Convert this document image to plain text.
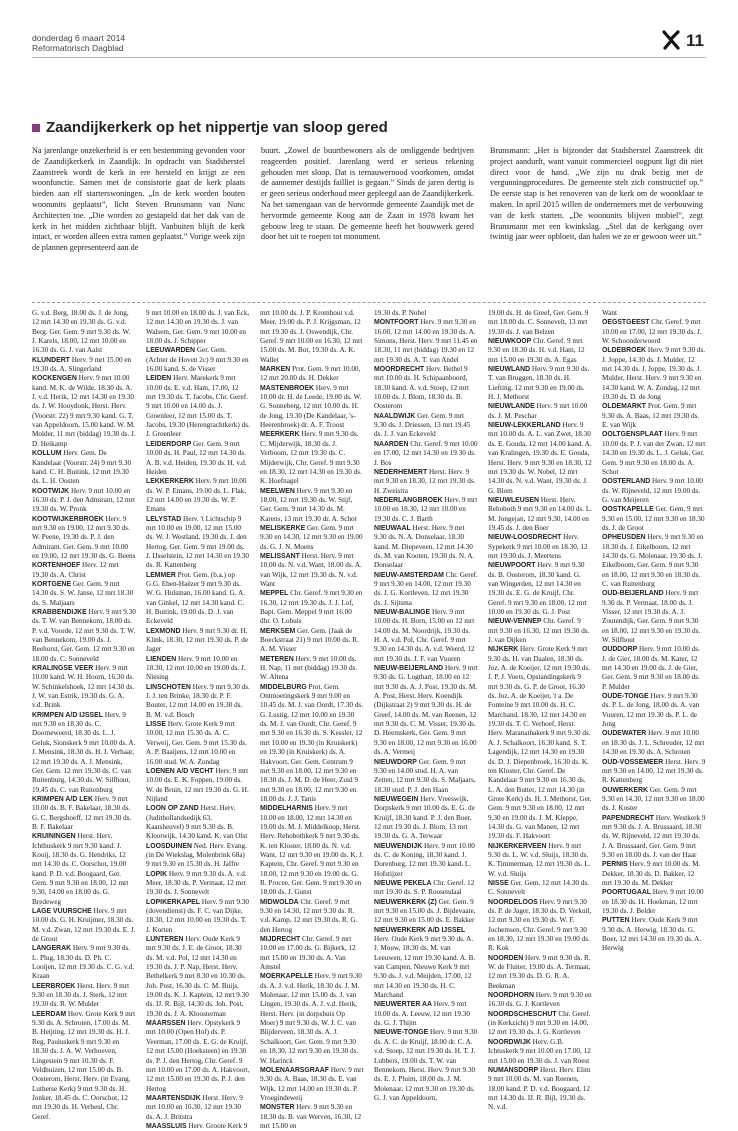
donderdag 6 maart 2014
Reformatorisch Dagblad	11
Zaandijkerkerk op het nippertje van sloop gered

Na jarenlange onzekerheid is er een bestemming gevonden voor de Zaandijkerkerk in Zaandijk. In opdracht van Stadsherstel Zaanstreek wordt de kerk in ere hersteld en krijgt ze een woonfunctie. Samen met de consistorie gaat de kerk plaats bieden aan elf starterswoningen. „In de kerk worden houten woonunits geplaatst”, licht Steven Brunsmann van Nunc Architecten toe. „Die worden zo gestapeld dat het dak van de kerk in het midden zichtbaar blijft. Vanbuiten blijft de kerk intact, er worden alleen extra ramen geplaatst.” Vorige week zijn de plannen gepresenteerd aan de

buurt. „Zowel de buurtbewoners als de omliggende bedrijven reageerden positief. Jarenlang werd er serieus rekening gehouden met sloop. Dat is ternauwernood voorkomen, omdat de aannemer destijds failliet is gegaan.” Sinds de jaren dertig is er geen serieus onderhoud meer gepleegd aan de Zaandijkerkerk. Na het samengaan van de hervormde gemeente Zaandijk met de hervormde gemeente Koog aan de Zaan in 1978 kwam het gebouw leeg te staan. De gemeente heeft het bouwwerk gered door het uit te roepen tot monument.

Brunsmann: „Het is bijzonder dat Stadsherstel Zaanstreek dit project aandurft, want vanuit commercieel oogpunt ligt dit niet direct voor de hand. „We zijn nu druk bezig met de vergunningprocedures. De gemeente stelt zich constructief op.” De eerste stap is het renoveren van de kerk om de woonklaar te maken. In april 2015 willen de ondernemers met de verbouwing van de kerk starten. „De woonunits blijven mobiel”, zegt Brunsmann met een kwinkslag. „Stel dat de kerkgang over twintig jaar weer opbloeit, dan halen we ze er gewoon weer uit.”

G. v.d. Berg, 18.00 ds. J. de Jong, 12 mrt 14.30 en 19.30 ds. G. v.d. Berg. Ger. Gem. 9 mrt 9.30 ds. W. J. Karels, 18.00, 12 mrt 10.00 en 16.30 ds. G. J. van Aalst

KLUNDERT Herv. 9 mrt 15.00 en 19.30 ds. A. Slingerland

KOCKENGEN Herv. 9 mrt 10.00 kand. M. K. de Wilde, 18.30 ds. A. J. v.d. Herik, 12 mrt 14.30 en 19.30 ds. J. W. Hooydonk, Herst. Herv. (Voorstr. 22) 9 mrt 9.30 kand. G. T. van Appeldoorn, 15.00 kand. W. M. Molder, 11 mrt (biddag) 19.30 ds. J. D. Heikamp

KOLLUM Herv. Gem. De Kandelaar (Voorstr. 24) 9 mrt 9.30 kand. C. H. Buitink, 12 mrt 19.30 ds. L. H. Oosten

KOOTWIJK Herv. 9 mrt 10.00 en 16.30 ds. P. J. den Admirant, 12 mrt 19.30 ds. W. Pronk

KOOTWIJKERBROEK Herv. 9 mrt 9.30 en 19.00, 12 mrt 9.30 ds. W. Peene, 19.30 ds. P. J. den Admirant. Ger. Gem. 9 mrt 10.00 en 19.00, 12 mrt 19.30 ds. G. Beens

KORTENHOEF Herv. 12 mrt 19.30 ds. A. Christ

KORTGENE Ger. Gem. 9 mrt 14.30 ds. S. W. Janse, 12 mrt 18.30 ds. S. Maljaars

KRABBENDIJKE Herv. 9 mrt 9.30 ds. T. W. van Bennekom, 18.00 ds. P. v.d. Voorde, 12 mrt 9.30 ds. T. W. van Bennekom, 19.00 ds. J. Reehorst, Ger. Gem. 12 mrt 9.30 en 18.00 ds. C. Sonneveld

KRALINGSE VEER Herv. 9 mrt 10.00 kand. W. H. Hoorn, 16.30 ds. W. Schinkelshoek, 12 mrt 14.30 ds. J. W. van Estrik, 19.30 ds. G. A. v.d. Brink

KRIMPEN A/D IJSSEL Herv. 9 mrt 9.30 en 18.30 ds. C. Doorneweerd, 18.30 ds. L. J. Geluk, Sionskerk 9 mrt 10.00 ds. A. J. Mensink, 18.30 ds. H. J. Verhaar, 12 mrt 19.30 ds. A. J. Mensink, Ger. Gem. 12 mrt 19.30 ds. C. van Ruitenburg, 14.30 ds. W. Silfhout, 19.45 ds. C. van Ruitenburg

KRIMPEN A/D LEK Herv. 9 mrt 10.00 ds. B. F. Bakelaar, 18.30 ds. G. C. Bergshoeff, 12 mrt 19.30 ds. B. F. Bakelaar

KRUININGEN Herst. Herv. Ichthuskerk 9 mrt 9.30 kand. J. Kooij, 18.30 ds. G. Hendriks, 12 mrt 14.30 ds. C. Oorschot, 19.00 kand. P. D. v.d. Boogaard, Ger. Gem. 9 mrt 9.30 en 18.00, 12 mrt 9.30, 14.00 en 18.00 ds. G. Bredeweg

LAGE VUURSCHE Herv. 9 mrt 10.00 ds. G. H. Kruijmer, 18.30 ds. M. v.d. Zwan, 12 mrt 19.30 ds. E. J. de Groot

LANGERAK Herv. 9 mrt 9.30 ds. L. Plug, 18.30 ds. D. Ph. C. Looijen, 12 mrt 19.30 ds. C. G. v.d. Kraan

LEERBROEK Herst. Herv. 9 mrt 9.30 en 18.30 ds. J. Sterk, 12 mrt 19.30 ds. R. W. Mulder

LEERDAM Herv. Grote Kerk 9 mrt 9.30 ds. A. Schroten, 17.00 ds. M. B. Heijting, 12 mrt 19.30 ds. H. J. Reg, Pauluskerk 9 mrt 9.30 en 18.30 ds. J. A. W. Verhoeven, Lingestein 9 mrt 10.30 ds. F. Veldhuizen, 12 mrt 15.00 ds. B. Oosterom, Herst. Herv. (in Evang. Lutherse Kerk) 9 mrt 9.30 ds. H. Jonker, 18.45 ds. C. Oorschot, 12 mrt 19.30 ds. H. Verheul, Chr. Geref.

9 mrt 10.00 en 18.00 ds. J. van Eck, 12 mrt 14.30 en 19.30 ds. J. van Walsem, Ger. Gem. 9 mrt 10.00 en 18.00 ds. J. Schipper

LEEUWARDEN Ger. Gem. (Achter de Hoven 2c) 9 mrt 9.30 en 16.00 kand. S. de Visser

LEIDEN Herv. Marekerk 9 mrt 10.00 ds. E. v.d. Ham, 17.00, 12 mrt 19.30 ds. T. Jacobs, Chr. Geref. 9 mrt 10.00 en 14.00 ds. J. Groenleer, 12 mrt 15.00 ds. T. Jacobs, 19.30 (Herengrachtkerk) ds. J. Groenleer

LEIDERDORP Ger. Gem. 9 mrt 10.00 ds. H. Paul, 12 mrt 14.30 ds. A. B. v.d. Heiden, 19.30 ds. H. v.d. Heiden

LEKKERKERK Herv. 9 mrt 10.00 ds. W. P. Emans, 19.00 ds. L. Flak, 12 mrt 14.00 en 19.30 ds. W. P. Emans

LELYSTAD Herv. 't Lichtschip 9 mrt 10.00 en 19.00, 12 mrt 15.00 ds. W. J. Westland, 19.30 ds. J. den Hertog. Ger. Gem. 9 mrt 19.00 ds. J. IJsselstein, 12 mrt 14.30 en 19.30 ds. R. Kattenberg

LEMMER Prot. Gem. (b.a.) op G.G. Eben-Haëzer 9 mrt 9.30 ds. W. G. Hulsman, 16.00 kand. G. A. van Ginkel, 12 mrt 14.30 kand. C. H. Buitink, 19.00 ds. D. J. van Eckeveld

LEXMOND Herv. 9 mrt 9.30 dr. H. Klink, 18.30, 12 mrt 19.30 ds. P. de Jager

LIENDEN Herv. 9 mrt 10.00 en 18.30, 12 mrt 10.00 en 19.00 ds. J. Niesing

LINSCHOTEN Herv. 9 mrt 9.30 ds. J. J. ten Brinke, 18.30 dr. P. F. Bouter, 12 mrt 14.00 en 19.30 ds. B. M. v.d. Bosch

LISSE Herv. Grote Kerk 9 mrt 10.00, 12 mrt 15.30 ds. A. C. Verweij, Ger. Gem. 9 mrt 15.30 ds. A. P. Baaijens, 12 mrt 10.00 en 16.00 stud. W. A. Zondag

LOENEN A/D VECHT Herv. 9 mrt 10.00 ds. E. K. Foppen, 19.00 ds. W. de Bruin, 12 mrt 19.30 ds. G. H. Nijland

LOON OP ZAND Herst. Herv. (Judithollandsedijk 63, Kaatsheuvel) 9 mrt 9.30 ds. B. Klootwijk, 14.30 kand. K. van Olst

LOOSDUINEN Ned. Herv. Evang. (in De Wiekslag, Molenbrink 68a) 9 mrt 9.30 en 15.30 ds. H. Jaffre

LOPIK Herv. 9 mrt 9.30 ds. A. v.d. Meer, 18.30 ds. P. Vermaat, 12 mrt 19.30 ds. J. Sonnevelt

LOPIKERKAPEL Herv. 9 mrt 9.30 (dovendienst) ds. F. C. van Dijke, 18.30, 12 mrt 10.00 en 19.30 ds. T. J. Korten

LUNTEREN Herv. Oude Kerk 9 mrt 9.30 ds. J. E. de Groot, 18.30 ds. M. v.d. Pol, 12 mrt 14.30 en 19.30 ds. J. P. Nap, Herst. Herv. Bethelkerk 9 mrt 8.30 en 10.30 ds. Joh. Post, 16.30 ds. C. M. Buijs, 19.00 ds. K. J. Kaptein, 12 mrt 9.30 ds. IJ. R. Bijl, 14.30 ds. Joh. Post, 19.30 ds. J. A. Kloosterman

MAARSSEN Herv. Opstykerk 9 mrt 10.00 (Open Hof) ds. P. Veerman, 17.00 ds. E. G. de Kruijf, 12 mrt 15.00 (Hoeksteen) en 19.30 ds. P. J. den Hertog, Chr. Geref. 9 mrt 10.00 en 17.00 ds. A. Hakvoort, 12 mrt 15.00 en 19.30 ds. P. J. den Hertog

MAARTENSDIJK Herst. Herv. 9 mrt 10.00 en 16.30, 12 mrt 19.30 ds. A. J. Britstra

MAASSLUIS Herv. Groote Kerk 9

mrt 10.00 ds. J. P. Kromhout v.d. Meer, 19.00 ds. P. J. Krijgsman, 12 mrt 19.30 ds. J. Oswendijk, Chr. Geref. 9 mrt 10.00 en 16.30, 12 mrt 15.00 ds. M. Bot, 19.30 ds. A. K. Wallet

MARKEN Prot. Gem. 9 mrt 10.00, 12 mrt 20.00 ds. H. Dekker

MASTENBROEK Herv. 9 mrt 10.00 dr. H. de Leede, 19.00 ds. W. G. Sonneberg, 12 mrt 10.00 ds. H. de Jong, 19.30 (De Kandelaar, 's-Heerenbroek) dr. A. F. Troost

MEERKERK Herv. 9 mrt 9.30 ds. C. Mijderwijk, 18.30 ds. J. Verboom, 12 mrt 19.30 ds. C. Mijderwijk, Chr. Geref. 9 mrt 9.30 en 18.30, 12 mrt 14.30 en 19.30 ds. K. Hoefnagel

MEELWEN Herv. 9 mrt 9.30 en 18.00, 12 mrt 19.30 ds. W. Stijf, Ger. Gem. 9 mrt 14.30 ds. M. Karens, 13 mrt 19.30 dr. A. Schot

MELISKERKE Ger. Gem. 9 mrt 9.30 en 14.30, 12 mrt 9.30 en 19.00 ds. G. J. N. Moens

MELISSANT Herst. Herv. 9 mrt 10.00 ds. N. v.d. Want, 18.00 ds. A. van Wijk, 12 mrt 19.30 ds. N. v.d. Want

MEPPEL Chr. Geref. 9 mrt 9.30 en 16.30, 12 mrt 19.30 ds. J. J. Lof, Bapt. Gem. Meppel 9 mrt 16.00 dhr. O. Lobuis

MERKSEM Ger. Gem. (Jaak de Boeckstraat 21) 9 mrt 10.00 ds. R. A. M. Visser

METEREN Herv. 9 mrt 10.00 ds. H. Nap, 11 mrt (biddag) 19.30 ds. W. Altena

MIDDELBURG Prot. Gem. Ontmoetingskerk 9 mrt 9.00 en 10.45 ds. M. J. van Oordt, 17.30 ds. G. Lustig, 12 mrt 10.00 en 19.30 ds. M. J. van Oordt, Chr. Geref. 9 mrt 9.30 en 16.30 ds. S. Kessler, 12 mrt 10.00 en 19.30 (in Kruiskerk) en 19.30 (in Kruiskerk) ds. A. Hakvoort, Ger. Gem. Centrum 9 mrt 9.30 en 18.00, 12 mrt 9.30 en 18.30 ds. J. M. D. de Heer, Zuid 9 mrt 9.30 en 18.00, 12 mrt 9.30 en 18.00 ds. J. J. Tanis

MIDDELHARNIS Herv. 9 mrt 10.00 en 18.00, 12 mrt 14.30 en 19.00 ds. M. J. Middelkoop, Herst. Herv. Rehobothkerk 9 mrt 9.30 ds. K. ten Kloster, 18.00 ds. N. v.d. Want, 12 mrt 9.30 en 19.00 ds. K. J. Kaptein, Chr. Geref. 9 mrt 9.30 en 18.00, 12 mrt 9.30 en 19.00 ds. G. R. Procee, Ger. Gem. 9 mrt 9.30 en 18.00 ds. J. Gunst

MIDWOLDA Chr. Geref. 9 mrt 9.30 en 14.30, 12 mrt 9.30 ds. R. v.d. Kamp, 12 mrt 19.30 ds. R. G. den Hertog

MIJDRECHT Chr. Geref. 9 mrt 10.00 en 17.00 ds. G. Bijkerk, 12 mrt 15.00 en 19.30 ds. A. Van Amstel

MOERKAPELLE Herv. 9 mrt 9.30 ds. A. J. v.d. Herik, 18.30 ds. J. M. Molenaar, 12 mrt 15.00 ds. J. van Lingen, 19.30 ds. A. J. v.d. Herik, Herst. Herv. (in dorpshuis Op Moer) 9 mrt 9.30 ds. W. J. C. van Blijderveen, 18.30 ds. A. J. Schalkoort, Ger. Gem. 9 mrt 9.30 en 18.30, 12 mrt 9.30 en 19.30 ds. W. Harinck

MOLENAARSGRAAF Herv. 9 mrt 9.30 ds. A. Baas, 18.30 ds. E. van Wijk, 12 mrt 14.00 en 19.30 ds. P. Vroegindeweij

MONSTER Herv. 9 mrt 9.30 en 18.30 ds. B. van Werven, 16.30, 12 mrt 15.00 en

19.30 ds. P. Nobel

MONTFOORT Herv. 9 mrt 9.30 en 16.00, 12 mrt 14.00 en 19.30 ds. A. Simons, Herst. Herv. 9 mrt 11.45 en 18.30, 11 mrt (biddag) 19.30 en 12 mrt 19.30 ds. A. T. van Andel

MOORDRECHT Herv. Bethel 9 mrt 10.00 ds. H. Schipaanboord, 18.30 kand. A. v.d. Stoep, 12 mrt 10.00 ds. J. Blom, 18.30 ds. B. Oosterom

NAALDWIJK Ger. Gem. 9 mrt 9.30 ds. J. Driessen, 13 mrt 19.45 ds. J. J. van Eckeveld

NAARDEN Chr. Geref. 9 mrt 10.00 en 17.00, 12 mrt 14.30 en 19.30 ds. J. Bos

NEDERHEMERT Herst. Herv. 9 mrt 9.30 en 18.30, 12 mrt 19.30 ds. H. Zweistra

NEDERLANGBROEK Herv. 9 mrt 10.00 en 18.30, 12 mrt 10.00 en 19.30 ds. C. J. Barth

NIEUWAAL Herst. Herv. 9 mrt 9.30 ds. N. A. Donselaar, 18.30 kand. M. Diepeveen, 12 mrt 14.30 ds. M. van Kooten, 19.30 ds. N. A. Donselaar

NIEUW-AMSTERDAM Chr. Geref. 9 mrt 9.30 en 14.00, 12 mrt 19.30 ds. J. G. Kortleven, 12 mrt 19.30 ds. J. Sijtsma

NIEUW-BALINGE Herv. 9 mrt 10.00 ds. H. Born, 15.00 en 12 mrt 14.00 ds. M. Noordrijk, 19.30 ds. H. A. v.d. Pol, Chr. Geref. 9 mrt 9.30 en 14.30 ds. A. v.d. Weerd, 12 mrt 19.30 ds. J. F. van Vuuren

NIEUW-BEIJERLAND Herv. 9 mrt 9.30 ds. G. Lugthart, 18.00 en 12 mrt 9.30 ds. A. J. Post, 19.30 ds. M. A. Post, Herst. Herv. Koendijk (Dijkstraat 2) 9 mrt 9.30 ds. H. de Greef, 14.00 ds. M. van Reenen, 12 mrt 9.30 ds. C. M. Visser, 19.30 ds. D. Heemskerk, Ger. Gem. 9 mrt 9.30 en 18.00, 12 mrt 9.30 en 16.00 ds. A. Vermeij

NIEUWDORP Ger. Gem. 9 mrt 9.30 en 14.00 stud. H. A. van Zetten, 12 mrt 9.30 ds. S. Maljaars, 18.30 stud. P. J. den Haan

NIEUWEGEIN Herv. Vreeswijk, Dorpskerk 9 mrt 10.00 ds. E. G. de Kruijf, 18.30 kand. P. J. den Boer, 12 mrt 19.30 ds. J. Blom, 13 mrt 19.30 ds. G. A. Terwaar

NIEUWENDIJK Herv. 9 mrt 10.00 ds. C. de Koning, 18.30 kand. J. Dorenburg, 12 mrt 19.30 kand. L. Hofstijzer

NIEUWE PEKELA Chr. Geref. 12 mrt 19.30 ds. S. P. Roosendaal

NIEUWERKERK (Z) Ger. Gem. 9 mrt 9.30 en 15.00 ds. J. Bijdevaate, 12 mrt 9.30 en 15.00 ds. E. Bakker

NIEUWERKERK A/D IJSSEL Herv. Oude Kerk 9 mrt 9.30 ds. A. J. Mouw, 18.30 ds. M. van Leeuwen, 12 mrt 19.30 kand. A. B. van Campen, Nieuwe Kerk 9 mrt 9.30 ds. J. v.d. Meijden, 17.00, 12 mrt 14.30 en 19.30 ds. H. C. Marchand

NIEUWERTER AA Herv. 9 mrt 10.00 ds. A. Leeuw, 12 mrt 19.30 ds. G. J. Thijm

NIEUWE-TONGE Herv. 9 mrt 9.30 ds. A. C. de Kruijf, 18.00 dr. C. A. v.d. Stoep, 12 mrt 19.30 ds. H. T. J. Lubbers, 19.00 ds. T. W. van Bennekom, Herst. Herv. 9 mrt 9.30 ds. E. J. Pluim, 18.00 ds. J. M. Molenaar, 12 mrt 9.30 en 19.30 ds. G. J. van Appeldoorn,

19.00 ds. H. de Greef, Ger. Gem. 9 mrt 18.00 ds. C. Sonnevelt, 13 mrt 19.30 ds. J. van Belzen

NIEUWKOOP Chr. Geref. 9 mrt 9.30 en 18.30 ds. H. v.d. Ham, 12 mrt 15.00 en 19.30 ds. A. Egas

NIEUWLAND Herv. 9 mrt 9.30 ds. T. van Bruggen, 18.30 ds. H. Liefting, 12 mrt 9.30 en 19.00 ds. H. J. Methorst

NIEUWLANDE Herv. 9 mrt 10.00 ds. J. M. Peschar

NIEUW-LEKKERLAND Herv. 9 mrt 10.00 ds. A. L. van Zwet, 18.30 ds. E. Gouda, 12 mrt 14.00 kand. A. van Kralingen, 19.30 ds. E. Gouda, Herst. Herv. 9 mrt 9.30 en 18.30, 12 mrt 19.30 ds. W. Nobel, 12 mrt 14.30 ds. N. v.d. Want, 19.30 ds. J. G. Blom

NIEUWLEUSEN Herst. Herv. Rehoboth 9 mrt 9.30 en 14.00 ds. L. M. Jongejan, 12 mrt 9.30, 14.00 en 19.45 ds. J. den Boer

NIEUW-LOOSDRECHT Herv. Sypekerk 9 mrt 10.00 en 18.30, 12 mrt 19.30 ds. J. Meertens

NIEUWPOORT Herv. 9 mrt 9.30 ds. B. Oosterom, 18.30 kand. G. van Wingerden, 12 mrt 14.30 en 19.30 ds. E. G. de Kruijf, Chr. Geref. 9 mrt 9.30 en 18.00, 12 mrt 10.00 en 19.30 ds. G. J. Post

NIEUW-VENNEP Chr. Geref. 9 mrt 9.30 en 16.30, 12 mrt 19.30 ds. J. van Dijken

NIJKERK Herv. Grote Kerk 9 mrt 9.30 ds. H. van Daalen, 18.30 ds. Joz. A. de Koeijer, 12 mrt 19.30 ds. J. P. J. Voets, Opstandingskerk 9 mrt 9.30 ds. G. P. de Groot, 16.30 ds. Joz. A. de Koeijer, 't a. De Fonteine 9 mrt 10.00 ds. H. C. Marchand, 18.30, 12 mrt 14.30 en 19.30 ds. T. C. Verhoef, Herst. Herv. Maranathakerk 9 mrt 9.30 ds. A. J. Schalkoort, 16.30 kand. S. T. Lagendijk, 12 mrt 14.30 en 19.30 ds. D. J. Diepenbroek, 16.30 ds. K. ten Kloster, Chr. Geref. De Kandelaar 9 mrt 9.30 en 16.30 ds. L. A. den Butter, 12 mrt 14.30 (in Grote Kerk) ds. H. J. Methorst, Ger. Gem. 9 mrt 9.30 en 18.00, 12 mrt 9.30 en 19.00 ds. J. M. Kleppe, 14.30 ds. G. van Manen, 12 mrt 19.30 ds. F. Hakvoort

NIJKERKERVEEN Herv. 9 mrt 9.30 ds. L. W. v.d. Sluijs, 18.30 ds. K. Timmerman, 12 mrt 19.30 ds. L. W. v.d. Sluijs

NISSE Ger. Gem. 12 mrt 14.30 ds. C. Sonnevelt

NOORDELOOS Herv. 9 mrt 9.30 ds. P. de Jager, 18.30 ds. D. Verkuil, 12 mrt 9.30 en 19.30 ds. W. F. Jochemsen, Chr. Geref. 9 mrt 9.30 en 18.30, 12 mrt 19.30 en 19.00 ds. R. Kok

NOORDEN Herv. 9 mrt 9.30 ds. R. W. de Fluiter, 19.00 ds. A. Termaat, 12 mrt 19.30 ds. D. G. R. A. Beekman

NOORDHORN Herv. 9 mrt 9.30 en 16.30 ds. G. J. Kortleven

NOORDSCHESCHUT Chr. Geref. (in Kerkzicht) 9 mrt 9.30 en 14.00, 12 mrt 19.30 ds. J. G. Kortleven

NOORDWIJK Herv. G.B. Ichtuskerk 9 mrt 10.00 en 17.00, 12 mrt 15.00 en 19.30 ds. J. van Roest

NUMANSDORP Herst. Herv. Elim 9 mrt 10.00 ds. M. van Reenen, 18.00 kand. P. D. v.d. Boogaard, 12 mrt 14.30 ds. IJ. R. Bijl, 19.30 ds. N. v.d.

Want

OEGSTGEEST Chr. Geref. 9 mrt 10.00 en 17.00, 12 mrt 19.30 ds. J. W. Schoonderwoerd

OLDEBROEK Herv. 9 mrt 9.30 ds. J. Joppe, 14.30 ds. J. Mulder, 12 mrt 14.30 ds. J. Joppe, 19.30 ds. J. Mulder, Herst. Herv. 9 mrt 9.30 en 14.30 kand. W. A. Zondag, 12 mrt 19.30 ds. D. de Jong

OLDEMARKT Prot. Gem. 9 mrt 9.30 ds. A. Baas, 12 mrt 19.30 ds. E. van Wijk

OOLTGENSPLAAT Herv. 9 mrt 10.00 ds. P. J. van der Zwan, 12 mrt 14.30 en 19.30 ds. L. J. Geluk, Ger. Gem. 9 mrt 9.30 en 18.00 ds. A. Schot

OOSTERLAND Herv. 9 mrt 10.00 ds. W. Rijneveld, 12 mrt 19.00 ds. G. van Meijeren

OOSTKAPELLE Ger. Gem. 9 mrt 9.30 en 15.00, 12 mrt 9.30 en 18.30 ds. J. de Groot

OPHEUSDEN Herv. 9 mrt 9.30 en 18.30 ds. J. Eikelboom, 12 mrt 14.30 ds. G. Molenaar, 19.30 ds. J. Eikelboom, Ger. Gem. 9 mrt 9.30 en 18.00, 12 mrt 9.30 en 18.30 ds. C. van Ruitenburg

OUD-BEIJERLAND Herv. 9 mrt 9.30 ds. P. Vermaat, 18.00 ds. J. Visser, 12 mrt 19.30 ds. A. J. Zoutendijk, Ger. Gem. 9 mrt 9.30 en 18.00, 12 mrt 9.30 en 19.30 ds. W. Silfhout

OUDDORP Herv. 9 mrt 10.00 ds. J. de Gier, 18.00 ds. M. Kater, 12 mrt 14.30 en 19.00 ds. J. de Gier, Ger. Gem. 9 mrt 9.30 en 18.00 ds. P. Mulder

OUDE-TONGE Herv. 9 mrt 9.30 ds. P. L. de Jong, 18.00 ds. A. van Vuuren, 12 mrt 19.30 ds. P. L. de Jong

OUDEWATER Herv. 9 mrt 10.00 en 18.30 ds. J. L. Schreuder, 12 mrt 14.30 en 19.30 ds. A. Schroten

OUD-VOSSEMEER Herst. Herv. 9 mrt 9.30 en 14.00, 12 mrt 19.30 ds. R. Kattenberg

OUWERKERK Ger. Gem. 9 mrt 9.30 en 14.30, 12 mrt 9.30 en 18.00 ds. J. Koster

PAPENDRECHT Herv. Westkerk 9 mrt 9.30 ds. J. A. Brussaard, 18.30 ds. W. Rijneveld, 12 mrt 19.30 ds. J. A. Brussaard, Ger. Gem. 9 mrt 9.30 en 18.00 ds. J. van der Haar

PERNIS Herv. 9 mrt 10.00 ds. M. Dekker, 18.30 ds. D. Bakker, 12 mrt 19.30 ds. M. Dekker

POORTUGAAL Herv. 9 mrt 10.00 en 18.30 ds. H. Hoekman, 12 mrt 19.30 ds. J. Belder

PUTTEN Herv. Oude Kerk 9 mrt 9.30 ds. A. Herwig, 18.30 ds. G. Boer, 12 mrt 14.30 en 19.30 ds. A. Herwig
